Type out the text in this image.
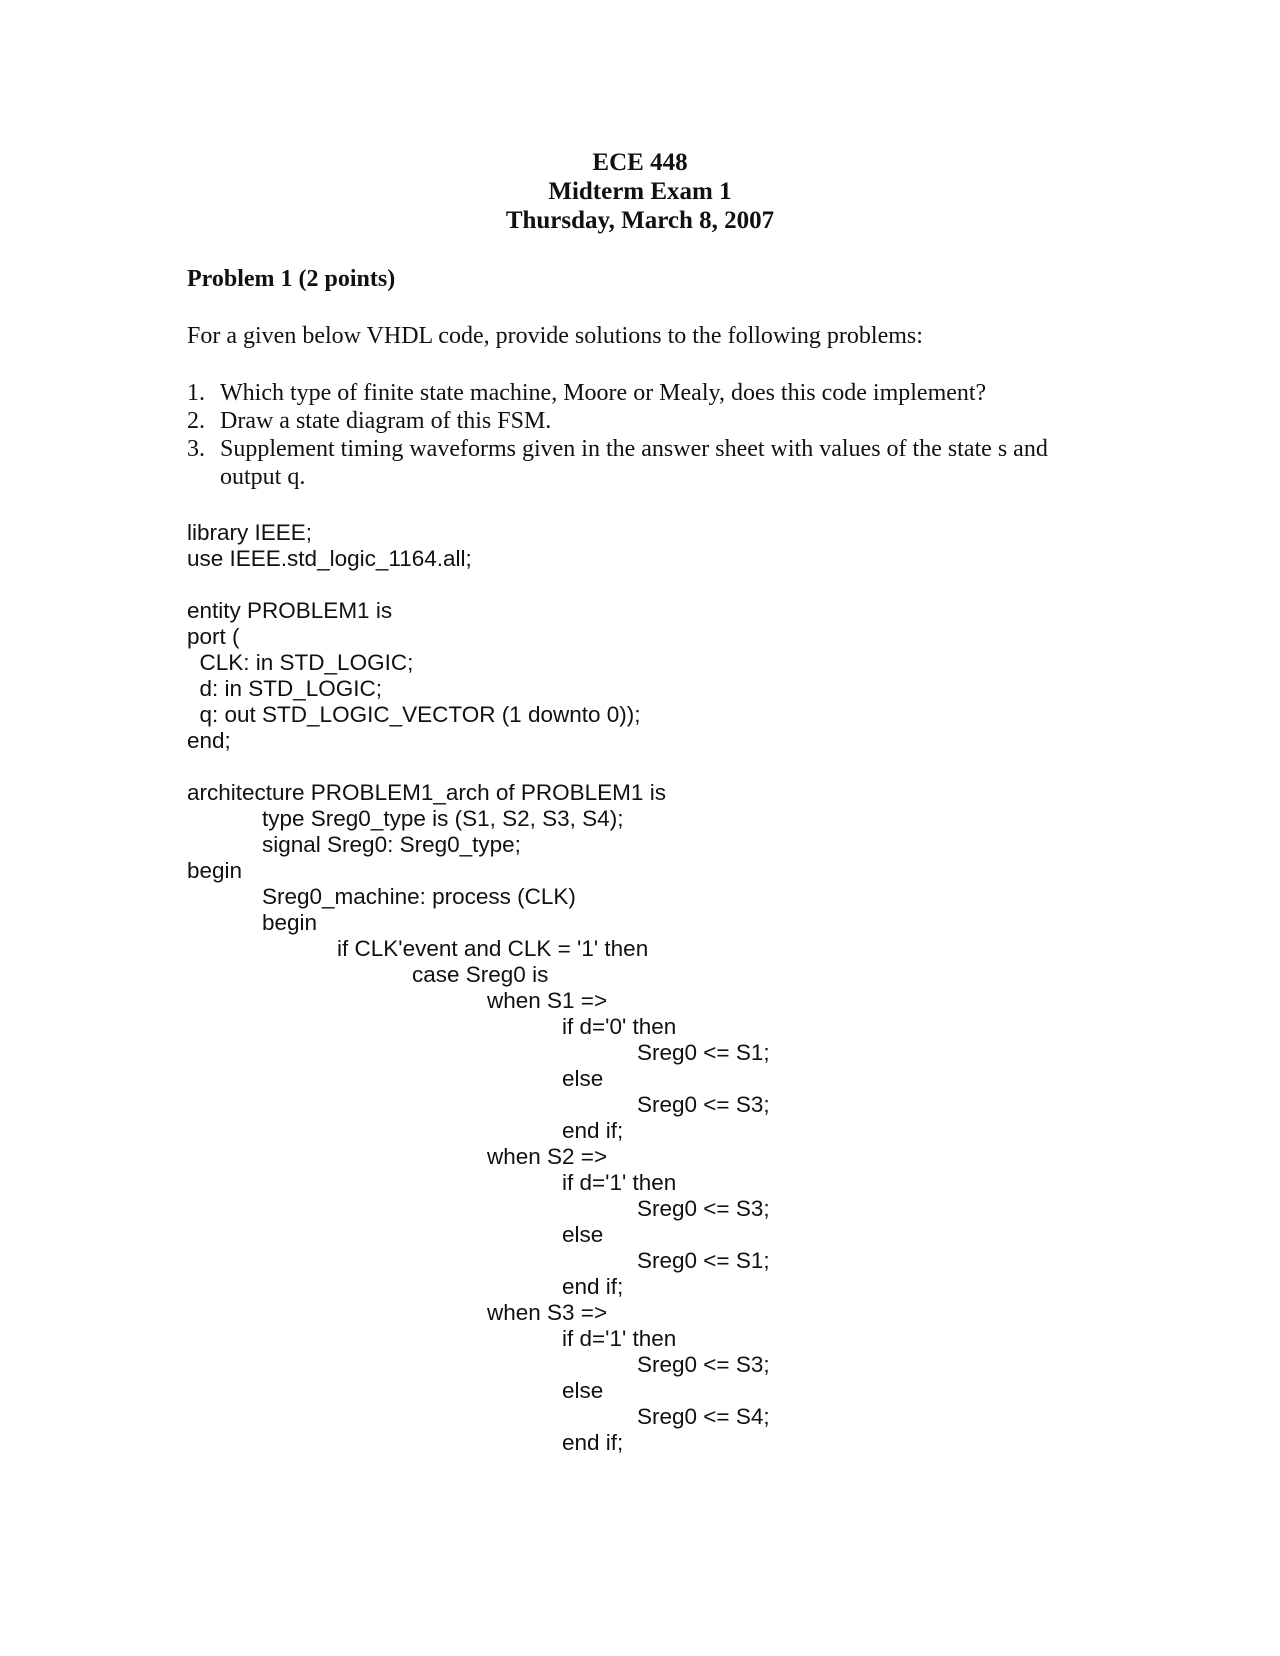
ECE 448
Midterm Exam 1
Thursday, March 8, 2007
Problem 1 (2 points)
For a given below VHDL code, provide solutions to the following problems:
1. Which type of finite state machine, Moore or Mealy, does this code implement?
2. Draw a state diagram of this FSM.
3. Supplement timing waveforms given in the answer sheet with values of the state s and output q.
library IEEE;
use IEEE.std_logic_1164.all;
entity PROBLEM1 is
port (
CLK: in STD_LOGIC;
d: in STD_LOGIC;
q: out STD_LOGIC_VECTOR (1 downto 0));
end;
architecture PROBLEM1_arch of PROBLEM1 is
type Sreg0_type is (S1, S2, S3, S4);
signal Sreg0: Sreg0_type;
begin
Sreg0_machine: process (CLK)
begin
if CLK'event and CLK = '1' then
case Sreg0 is
when S1 =>
if d='0' then
Sreg0 <= S1;
else
Sreg0 <= S3;
end if;
when S2 =>
if d='1' then
Sreg0 <= S3;
else
Sreg0 <= S1;
end if;
when S3 =>
if d='1' then
Sreg0 <= S3;
else
Sreg0 <= S4;
end if;
